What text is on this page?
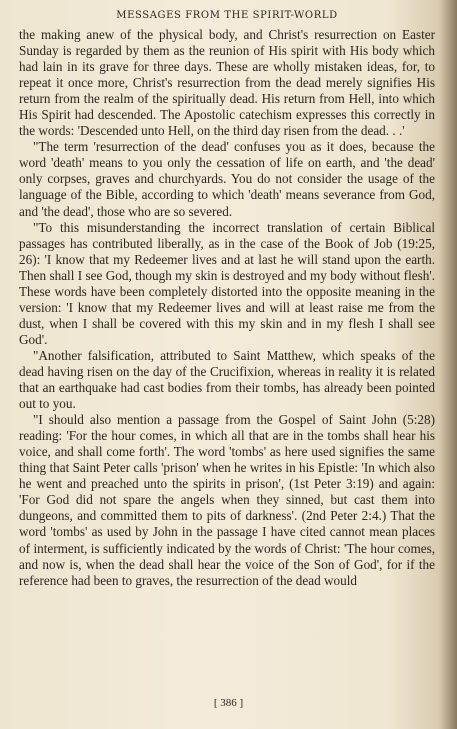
MESSAGES FROM THE SPIRIT-WORLD

the making anew of the physical body, and Christ's resurrection on Easter Sunday is regarded by them as the reunion of His spirit with His body which had lain in its grave for three days. These are wholly mistaken ideas, for, to repeat it once more, Christ's resurrection from the dead merely signifies His return from the realm of the spiritually dead. His return from Hell, into which His Spirit had descended. The Apostolic catechism expresses this correctly in the words: 'Descended unto Hell, on the third day risen from the dead. . .'

"The term 'resurrection of the dead' confuses you as it does, because the word 'death' means to you only the cessation of life on earth, and 'the dead' only corpses, graves and churchyards. You do not consider the usage of the language of the Bible, according to which 'death' means severance from God, and 'the dead', those who are so severed.

"To this misunderstanding the incorrect translation of certain Biblical passages has contributed liberally, as in the case of the Book of Job (19:25, 26): 'I know that my Redeemer lives and at last he will stand upon the earth. Then shall I see God, though my skin is destroyed and my body without flesh'. These words have been completely distorted into the opposite meaning in the version: 'I know that my Redeemer lives and will at least raise me from the dust, when I shall be covered with this my skin and in my flesh I shall see God'.

"Another falsification, attributed to Saint Matthew, which speaks of the dead having risen on the day of the Crucifixion, whereas in reality it is related that an earthquake had cast bodies from their tombs, has already been pointed out to you.

"I should also mention a passage from the Gospel of Saint John (5:28) reading: 'For the hour comes, in which all that are in the tombs shall hear his voice, and shall come forth'. The word 'tombs' as here used signifies the same thing that Saint Peter calls 'prison' when he writes in his Epistle: 'In which also he went and preached unto the spirits in prison', (1st Peter 3:19) and again: 'For God did not spare the angels when they sinned, but cast them into dungeons, and committed them to pits of darkness'. (2nd Peter 2:4.) That the word 'tombs' as used by John in the passage I have cited cannot mean places of interment, is sufficiently indicated by the words of Christ: 'The hour comes, and now is, when the dead shall hear the voice of the Son of God', for if the reference had been to graves, the resurrection of the dead would

[ 386 ]
